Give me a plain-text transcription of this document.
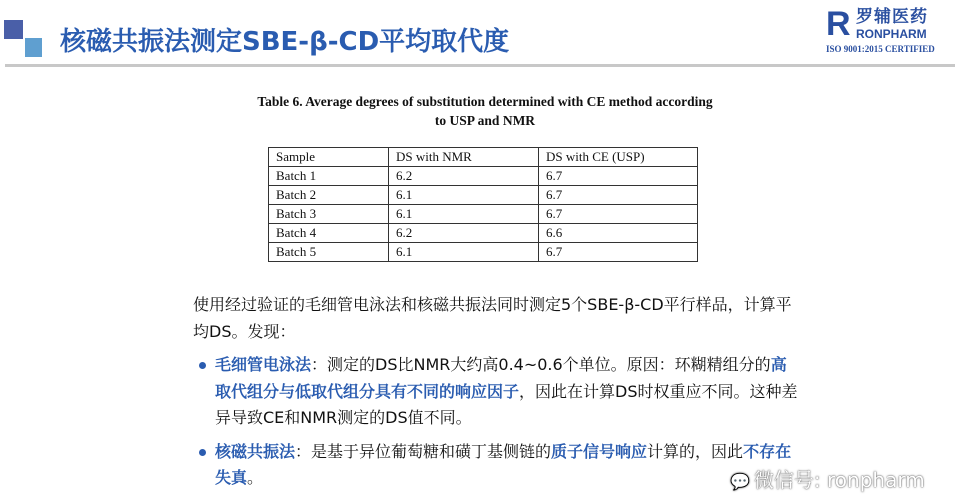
核磁共振法测定SBE-β-CD平均取代度	R 罗辅医药
RONPHARM
ISO 9001:2015 CERTIFIED
Table 6. Average degrees of substitution determined with CE method according
to USP and NMR
Sample	DS with NMR	DS with CE (USP)
Batch 1	6.2	6.7
Batch 2	6.1	6.7
Batch 3	6.1	6.7
Batch 4	6.2	6.6
Batch 5	6.1	6.7
使用经过验证的毛细管电泳法和核磁共振法同时测定5个SBE-β-CD平行样品，计算平均DS。发现：
毛细管电泳法：测定的DS比NMR大约高0.4~0.6个单位。原因：环糊精组分的高取代组分与低取代组分具有不同的响应因子，因此在计算DS时权重应不同。这种差异导致CE和NMR测定的DS值不同。
核磁共振法：是基于异位葡萄糖和磺丁基侧链的质子信号响应计算的，因此不存在失真。	💬 微信号: ronpharm
